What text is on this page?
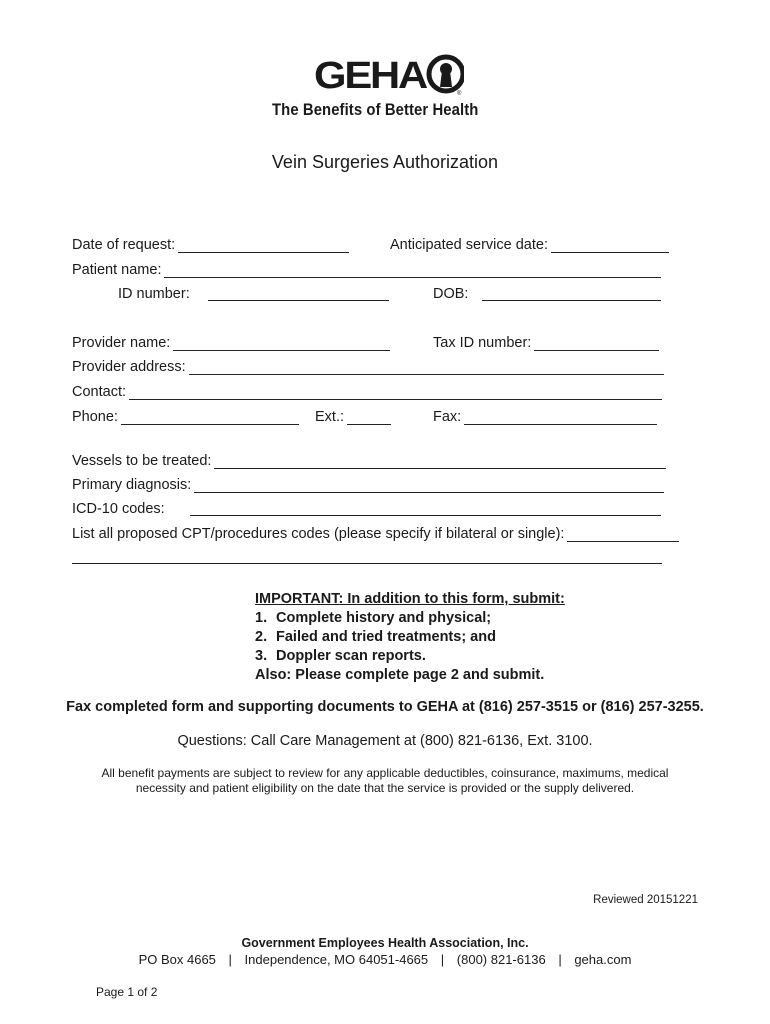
GEHA	®
The Benefits of Better Health
Vein Surgeries Authorization
Date of request:	Anticipated service date:
Patient name:
ID number:	DOB:
Provider name:	Tax ID number:
Provider address:
Contact:
Phone:	Ext.:	Fax:
Vessels to be treated:
Primary diagnosis:
ICD-10 codes:
List all proposed CPT/procedures codes (please specify if bilateral or single):
IMPORTANT: In addition to this form, submit:
1. Complete history and physical;
2. Failed and tried treatments; and
3. Doppler scan reports.
Also: Please complete page 2 and submit.
Fax completed form and supporting documents to GEHA at (816) 257-3515 or (816) 257-3255.
Questions: Call Care Management at (800) 821-6136, Ext. 3100.
All benefit payments are subject to review for any applicable deductibles, coinsurance, maximums, medical necessity and patient eligibility on the date that the service is provided or the supply delivered.
Reviewed 20151221
Government Employees Health Association, Inc.
PO Box 4665 | Independence, MO 64051-4665 | (800) 821-6136 | geha.com
Page 1 of 2
